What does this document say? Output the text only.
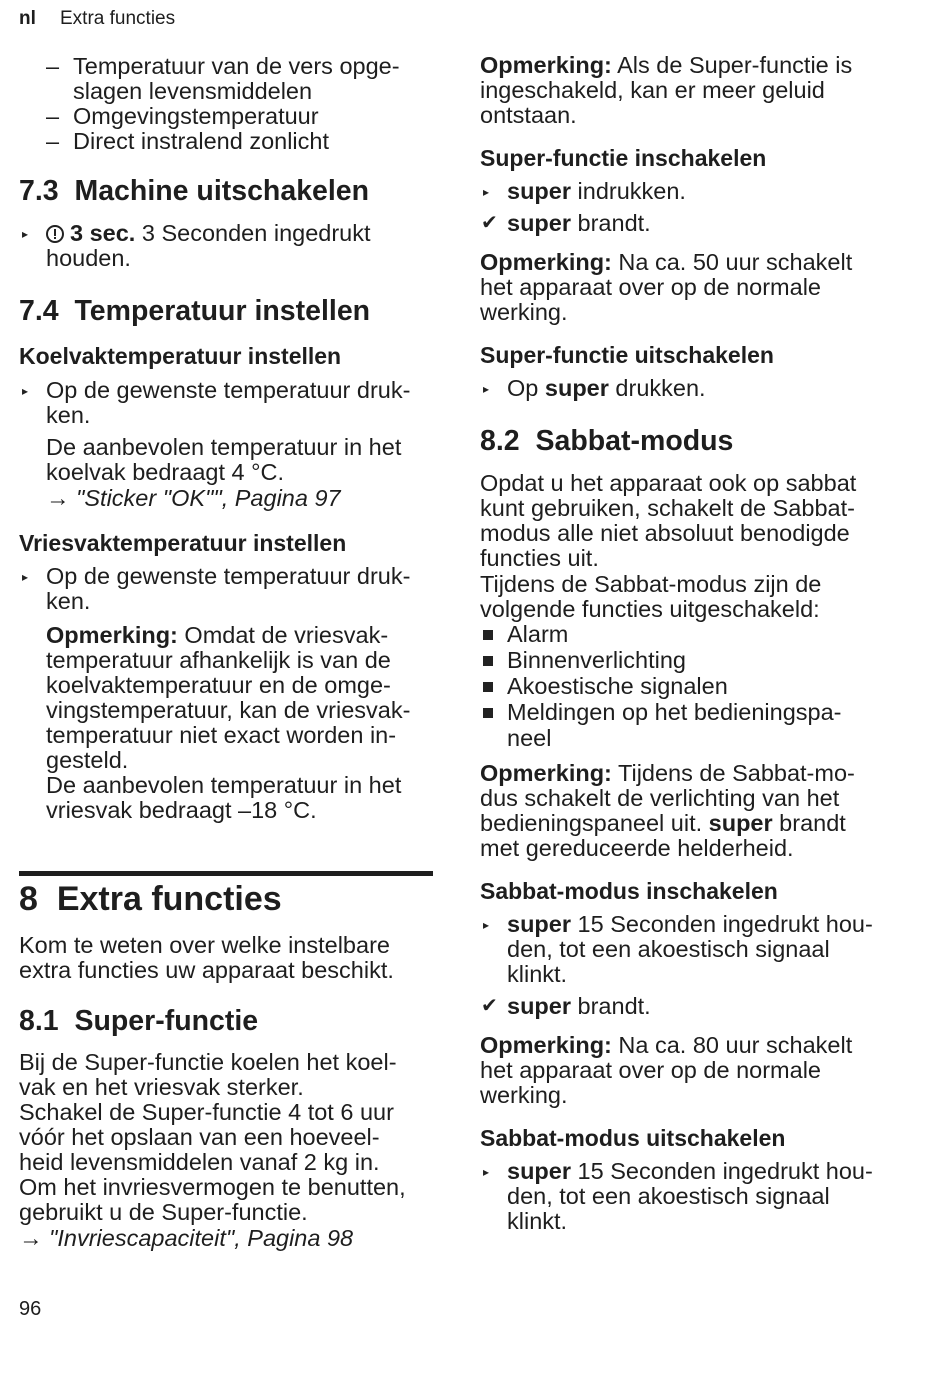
nl Extra functies
– Temperatuur van de vers opge-
slagen levensmiddelen
– Omgevingstemperatuur
– Direct instralend zonlicht
7.3 Machine uitschakelen
▸	3 sec. 3 Seconden ingedrukt
houden.
7.4 Temperatuur instellen
Koelvaktemperatuur instellen
▸ Op de gewenste temperatuur druk-
ken.
De aanbevolen temperatuur in het
koelvak bedraagt 4 °C.
→ "Sticker "OK"", Pagina 97
Vriesvaktemperatuur instellen
▸ Op de gewenste temperatuur druk-
ken.
Opmerking: Omdat de vriesvak-
temperatuur afhankelijk is van de
koelvaktemperatuur en de omge-
vingstemperatuur, kan de vriesvak-
temperatuur niet exact worden in-
gesteld.
De aanbevolen temperatuur in het
vriesvak bedraagt –18 °C.
8 Extra functies
Kom te weten over welke instelbare
extra functies uw apparaat beschikt.
8.1 Super-functie
Bij de Super-functie koelen het koel-
vak en het vriesvak sterker.
Schakel de Super-functie 4 tot 6 uur
vóór het opslaan van een hoeveel-
heid levensmiddelen vanaf 2 kg in.
Om het invriesvermogen te benutten,
gebruikt u de Super-functie.
→ "Invriescapaciteit", Pagina 98
96
Opmerking: Als de Super-functie is
ingeschakeld, kan er meer geluid
ontstaan.
Super-functie inschakelen
▸ super indrukken.
✔ super brandt.
Opmerking: Na ca. 50 uur schakelt
het apparaat over op de normale
werking.
Super-functie uitschakelen
▸ Op super drukken.
8.2 Sabbat-modus
Opdat u het apparaat ook op sabbat
kunt gebruiken, schakelt de Sabbat-
modus alle niet absoluut benodigde
functies uit.
Tijdens de Sabbat-modus zijn de
volgende functies uitgeschakeld:
Alarm
Binnenverlichting
Akoestische signalen
Meldingen op het bedieningspa-
neel
Opmerking: Tijdens de Sabbat-mo-
dus schakelt de verlichting van het
bedieningspaneel uit. super brandt
met gereduceerde helderheid.
Sabbat-modus inschakelen
▸ super 15 Seconden ingedrukt hou-
den, tot een akoestisch signaal
klinkt.
✔ super brandt.
Opmerking: Na ca. 80 uur schakelt
het apparaat over op de normale
werking.
Sabbat-modus uitschakelen
▸ super 15 Seconden ingedrukt hou-
den, tot een akoestisch signaal
klinkt.
